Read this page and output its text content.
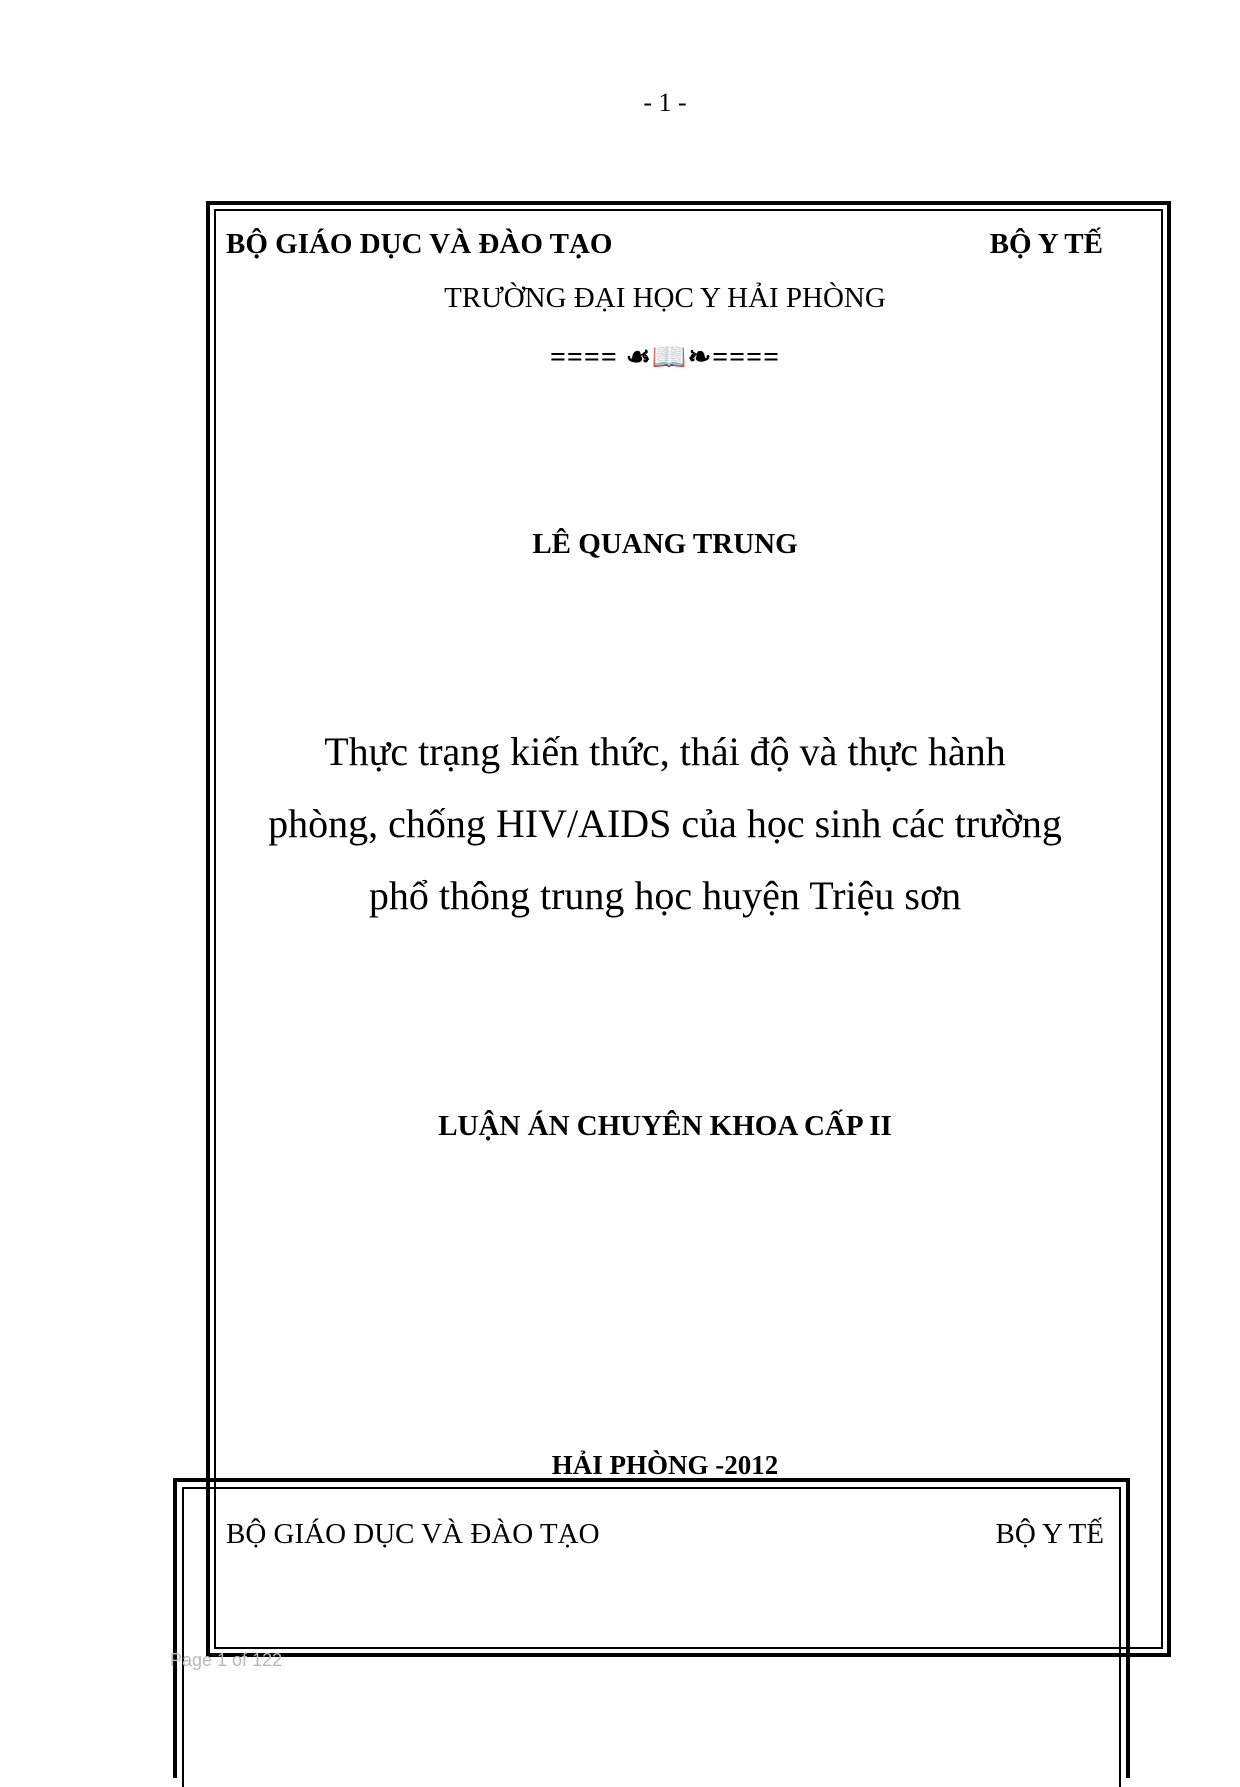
- 1 -
BỘ GIÁO DỤC VÀ ĐÀO TẠO	BỘ Y TẾ
TRƯỜNG ĐẠI HỌC Y HẢI PHÒNG
==== ☙📖❧====
LÊ QUANG TRUNG
Thực trạng kiến thức, thái độ và thực hành
phòng, chống HIV/AIDS của học sinh các trường
phổ thông trung học huyện Triệu sơn
LUẬN ÁN CHUYÊN KHOA CẤP II
HẢI PHÒNG -2012
BỘ GIÁO DỤC VÀ ĐÀO TẠO	BỘ Y TẾ
Page 1 of 122
